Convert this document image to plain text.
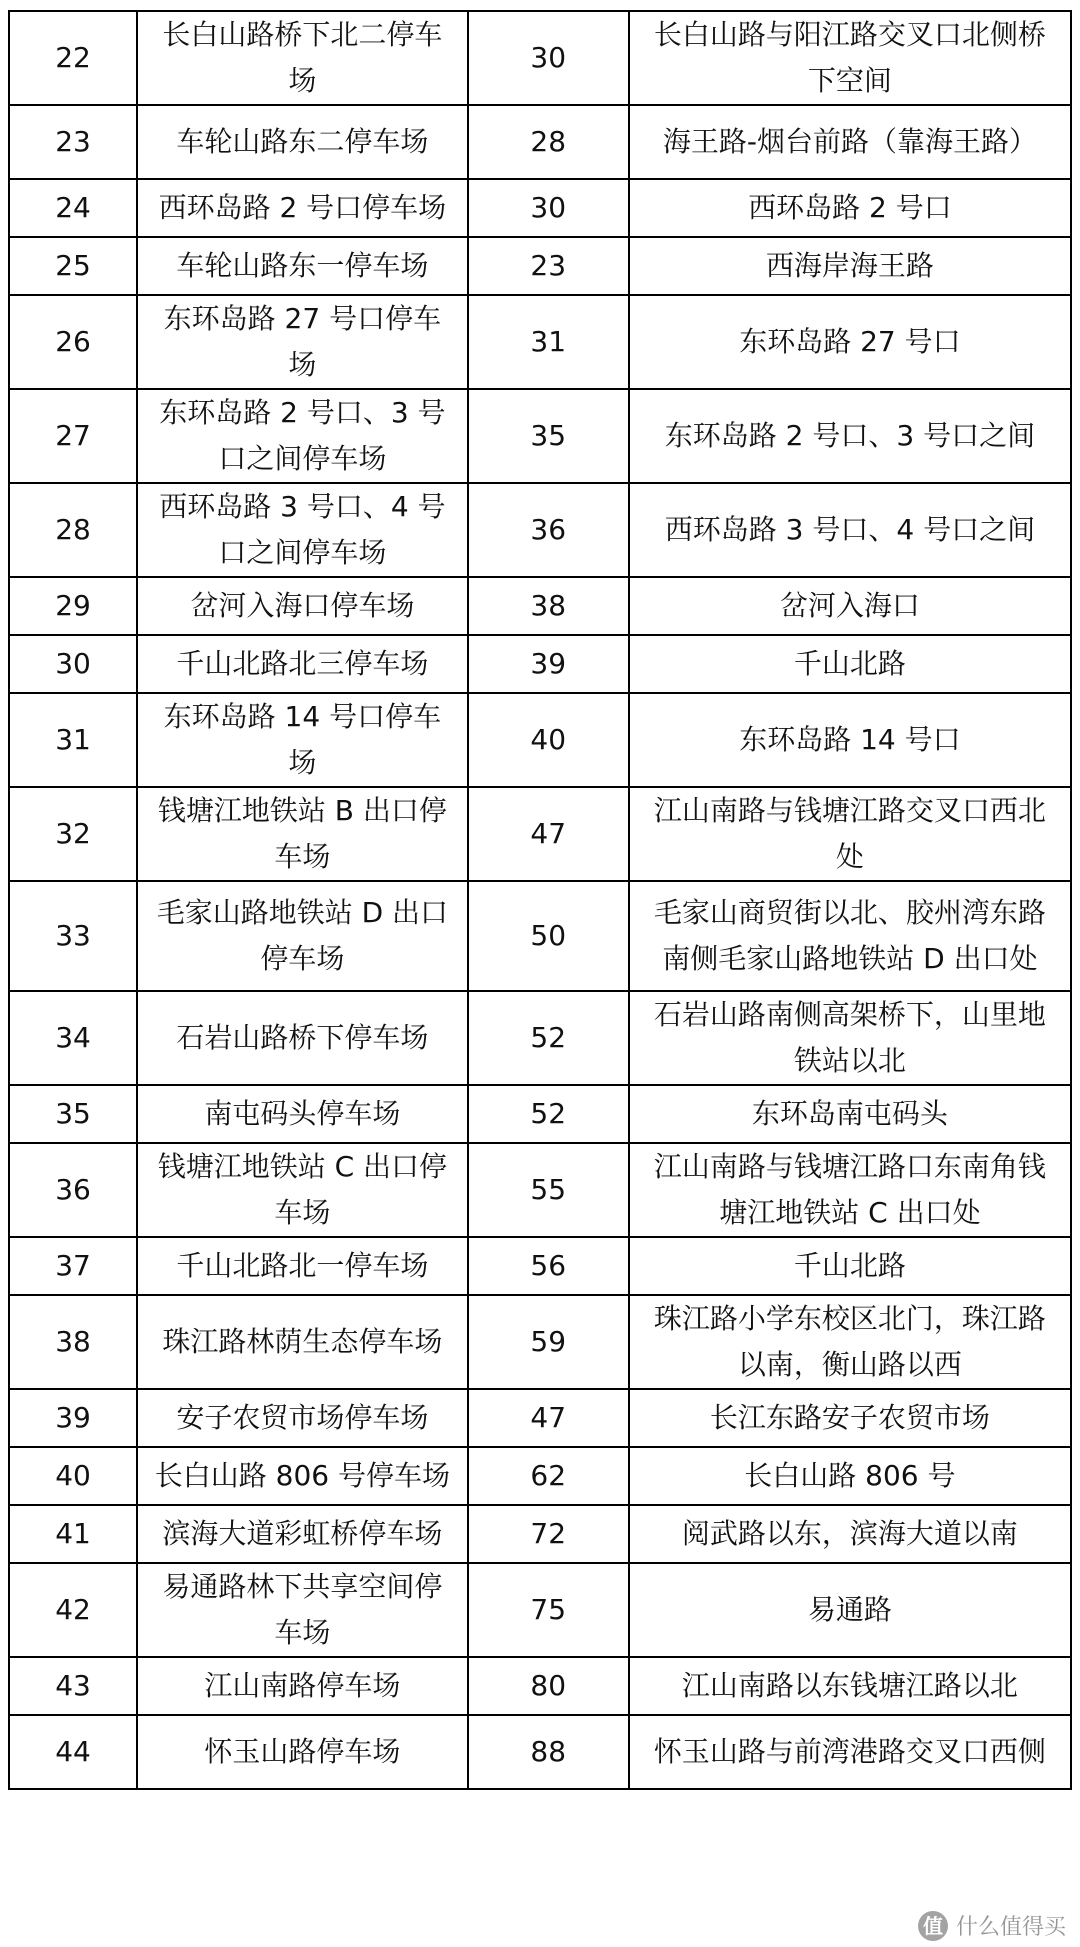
22	长白山路桥下北二停车场	30	长白山路与阳江路交叉口北侧桥下空间
23	车轮山路东二停车场	28	海王路-烟台前路（靠海王路）
24	西环岛路 2 号口停车场	30	西环岛路 2 号口
25	车轮山路东一停车场	23	西海岸海王路
26	东环岛路 27 号口停车场	31	东环岛路 27 号口
27	东环岛路 2 号口、3 号口之间停车场	35	东环岛路 2 号口、3 号口之间
28	西环岛路 3 号口、4 号口之间停车场	36	西环岛路 3 号口、4 号口之间
29	岔河入海口停车场	38	岔河入海口
30	千山北路北三停车场	39	千山北路
31	东环岛路 14 号口停车场	40	东环岛路 14 号口
32	钱塘江地铁站 B 出口停车场	47	江山南路与钱塘江路交叉口西北处
33	毛家山路地铁站 D 出口停车场	50	毛家山商贸街以北、胶州湾东路南侧毛家山路地铁站 D 出口处
34	石岩山路桥下停车场	52	石岩山路南侧高架桥下，山里地铁站以北
35	南屯码头停车场	52	东环岛南屯码头
36	钱塘江地铁站 C 出口停车场	55	江山南路与钱塘江路口东南角钱塘江地铁站 C 出口处
37	千山北路北一停车场	56	千山北路
38	珠江路林荫生态停车场	59	珠江路小学东校区北门，珠江路以南，衡山路以西
39	安子农贸市场停车场	47	长江东路安子农贸市场
40	长白山路 806 号停车场	62	长白山路 806 号
41	滨海大道彩虹桥停车场	72	阅武路以东，滨海大道以南
42	易通路林下共享空间停车场	75	易通路
43	江山南路停车场	80	江山南路以东钱塘江路以北
44	怀玉山路停车场	88	怀玉山路与前湾港路交叉口西侧
值 什么值得买
